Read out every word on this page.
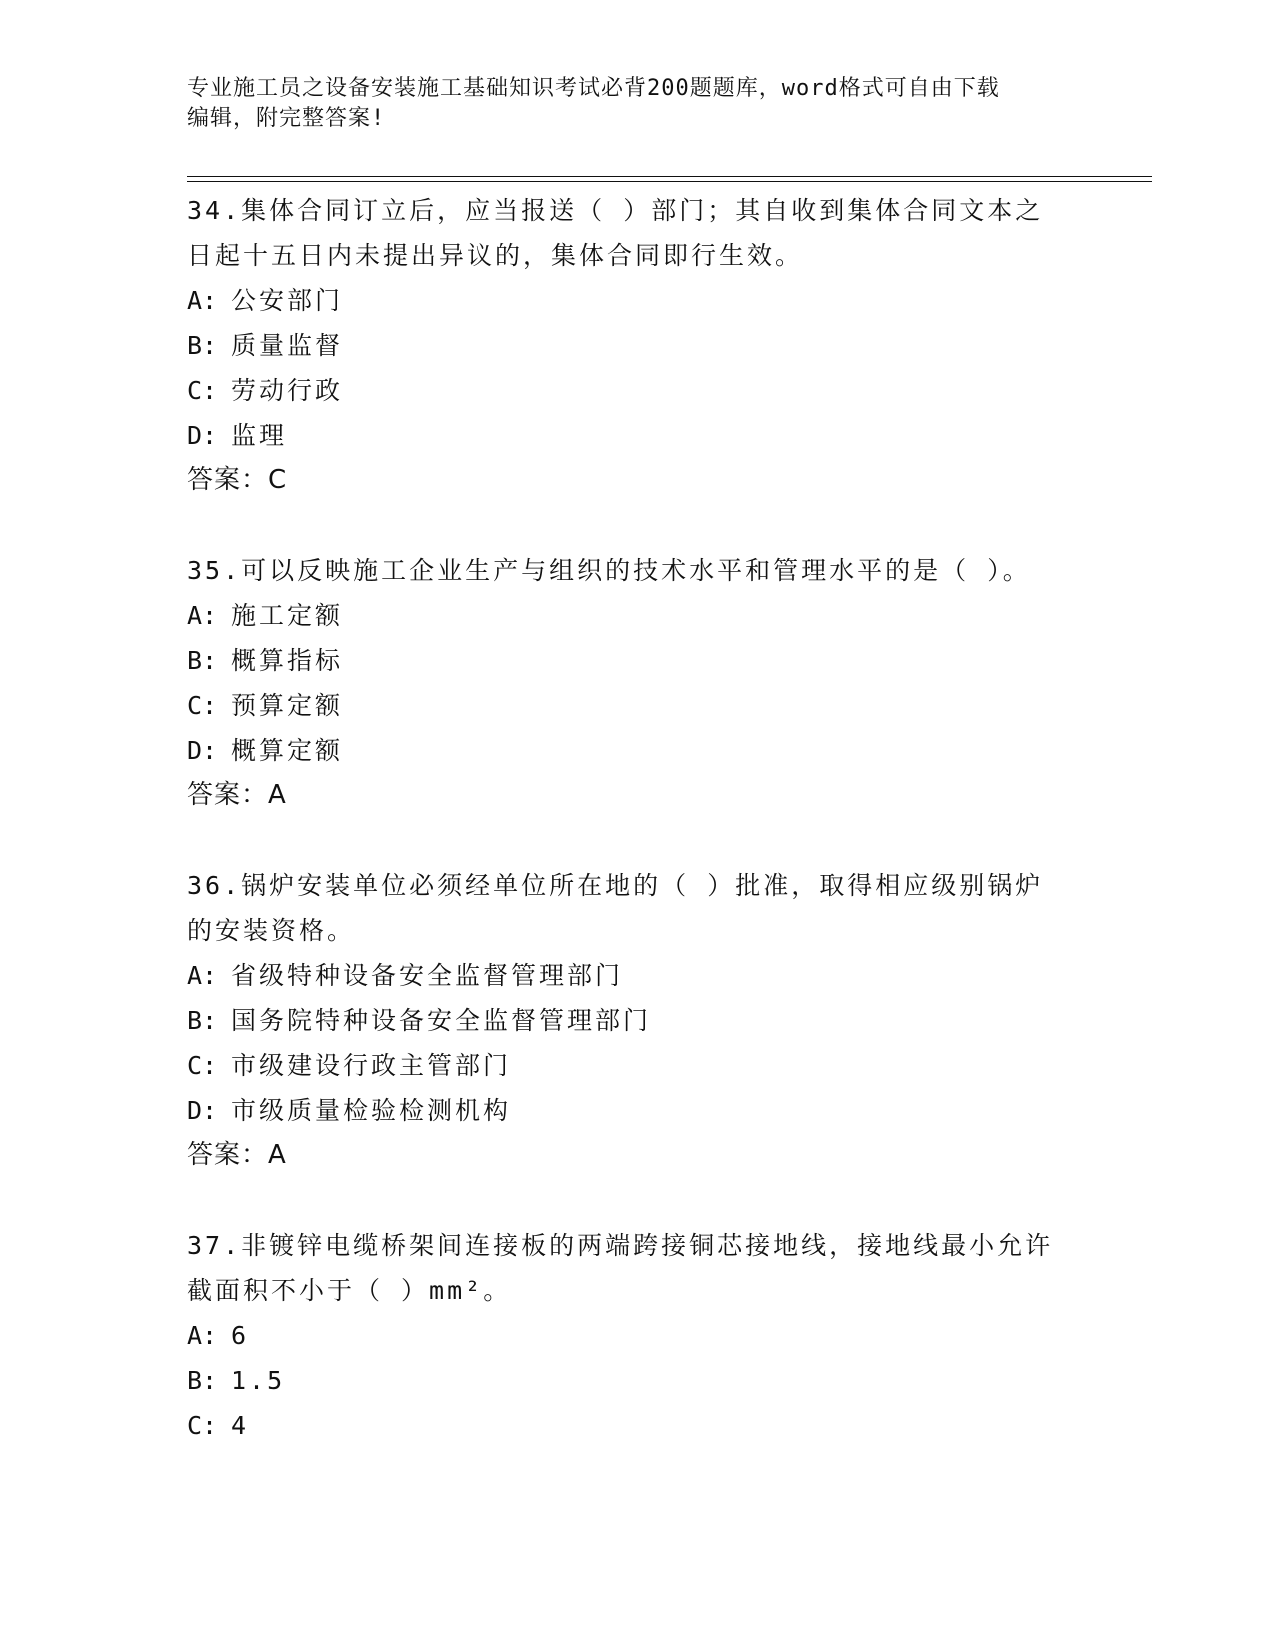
专业施工员之设备安装施工基础知识考试必背200题题库，word格式可自由下载
编辑，附完整答案!

34.集体合同订立后，应当报送（ ）部门；其自收到集体合同文本之

日起十五日内未提出异议的，集体合同即行生效。

A: 公安部门

B: 质量监督

C: 劳动行政

D: 监理

答案：C

35.可以反映施工企业生产与组织的技术水平和管理水平的是（ ）。

A: 施工定额

B: 概算指标

C: 预算定额

D: 概算定额

答案：A

36.锅炉安装单位必须经单位所在地的（ ）批准，取得相应级别锅炉

的安装资格。

A: 省级特种设备安全监督管理部门

B: 国务院特种设备安全监督管理部门

C: 市级建设行政主管部门

D: 市级质量检验检测机构

答案：A

37.非镀锌电缆桥架间连接板的两端跨接铜芯接地线，接地线最小允许

截面积不小于（ ）mm²。

A: 6

B: 1.5

C: 4
